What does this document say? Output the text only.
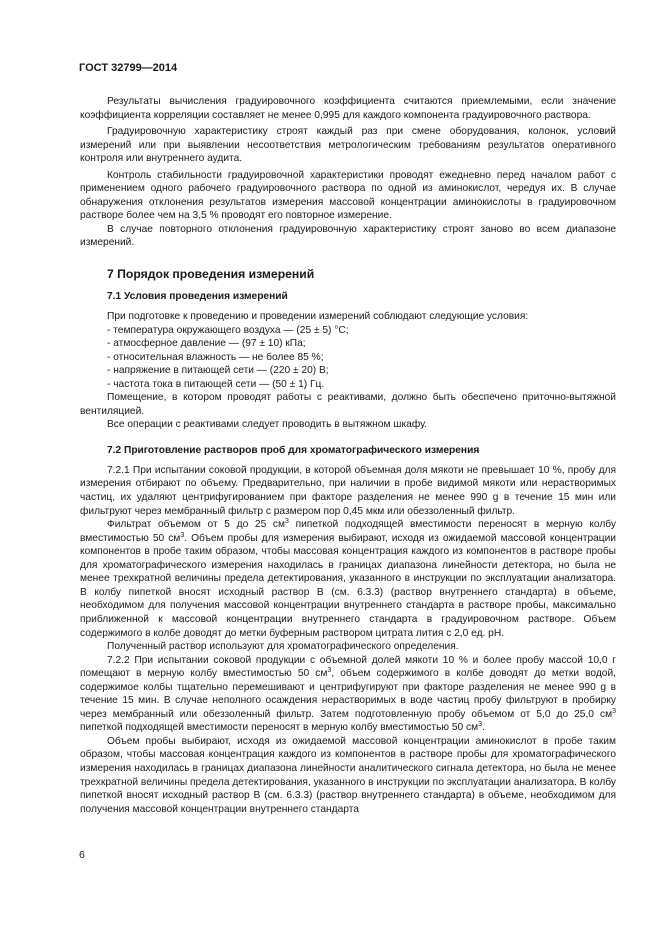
ГОСТ 32799—2014

Результаты вычисления градуировочного коэффициента считаются приемлемыми, если значение коэффициента корреляции составляет не менее 0,995 для каждого компонента градуировочного раствора.

Градуировочную характеристику строят каждый раз при смене оборудования, колонок, условий измерений или при выявлении несоответствия метрологическим требованиям результатов оперативного контроля или внутреннего аудита.

Контроль стабильности градуировочной характеристики проводят ежедневно перед началом работ с применением одного рабочего градуировочного раствора по одной из аминокислот, чередуя их. В случае обнаружения отклонения результатов измерения массовой концентрации аминокислоты в градуировочном растворе более чем на 3,5 % проводят его повторное измерение.

В случае повторного отклонения градуировочную характеристику строят заново во всем диапазоне измерений.

7 Порядок проведения измерений
7.1 Условия проведения измерений

При подготовке к проведению и проведении измерений соблюдают следующие условия:

- температура окружающего воздуха — (25 ± 5) °С;

- атмосферное давление — (97 ± 10) кПа;

- относительная влажность — не более 85 %;

- напряжение в питающей сети — (220 ± 20) В;

- частота тока в питающей сети — (50 ± 1) Гц.

Помещение, в котором проводят работы с реактивами, должно быть обеспечено приточно-вытяжной вентиляцией.

Все операции с реактивами следует проводить в вытяжном шкафу.

7.2 Приготовление растворов проб для хроматографического измерения

7.2.1 При испытании соковой продукции, в которой объемная доля мякоти не превышает 10 %, пробу для измерения отбирают по объему. Предварительно, при наличии в пробе видимой мякоти или нерастворимых частиц, их удаляют центрифугированием при факторе разделения не менее 990 g в течение 15 мин или фильтруют через мембранный фильтр с размером пор 0,45 мкм или обеззоленный фильтр.

Фильтрат объемом от 5 до 25 $см^3$ пипеткой подходящей вместимости переносят в мерную колбу вместимостью 50 $см^3$. Объем пробы для измерения выбирают, исходя из ожидаемой массовой концентрации компонентов в пробе таким образом, чтобы массовая концентрация каждого из компонентов в растворе пробы для хроматографического измерения находилась в границах диапазона линейности детектора, но была не менее трехкратной величины предела детектирования, указанного в инструкции по эксплуатации анализатора. В колбу пипеткой вносят исходный раствор В (см. 6.3.3) (раствор внутреннего стандарта) в объеме, необходимом для получения массовой концентрации внутреннего стандарта в растворе пробы, максимально приближенной к массовой концентрации внутреннего стандарта в градуировочном растворе. Объем содержимого в колбе доводят до метки буферным раствором цитрата лития с 2,0 ед. pH.

Полученный раствор используют для хроматографического определения.

7.2.2 При испытании соковой продукции с объемной долей мякоти 10 % и более пробу массой 10,0 г помещают в мерную колбу вместимостью 50 $см^3$, объем содержимого в колбе доводят до метки водой, содержимое колбы тщательно перемешивают и центрифугируют при факторе разделения не менее 990 g в течение 15 мин. В случае неполного осаждения нерастворимых в воде частиц пробу фильтруют в пробирку через мембранный или обеззоленный фильтр. Затем подготовленную пробу объемом от 5,0 до 25,0 $см^3$ пипеткой подходящей вместимости переносят в мерную колбу вместимостью 50 $см^3$.

Объем пробы выбирают, исходя из ожидаемой массовой концентрации аминокислот в пробе таким образом, чтобы массовая концентрация каждого из компонентов в растворе пробы для хроматографического измерения находилась в границах диапазона линейности аналитического сигнала детектора, но была не менее трехкратной величины предела детектирования, указанного в инструкции по эксплуатации анализатора. В колбу пипеткой вносят исходный раствор В (см. 6.3.3) (раствор внутреннего стандарта) в объеме, необходимом для получения массовой концентрации внутреннего стандарта

6
